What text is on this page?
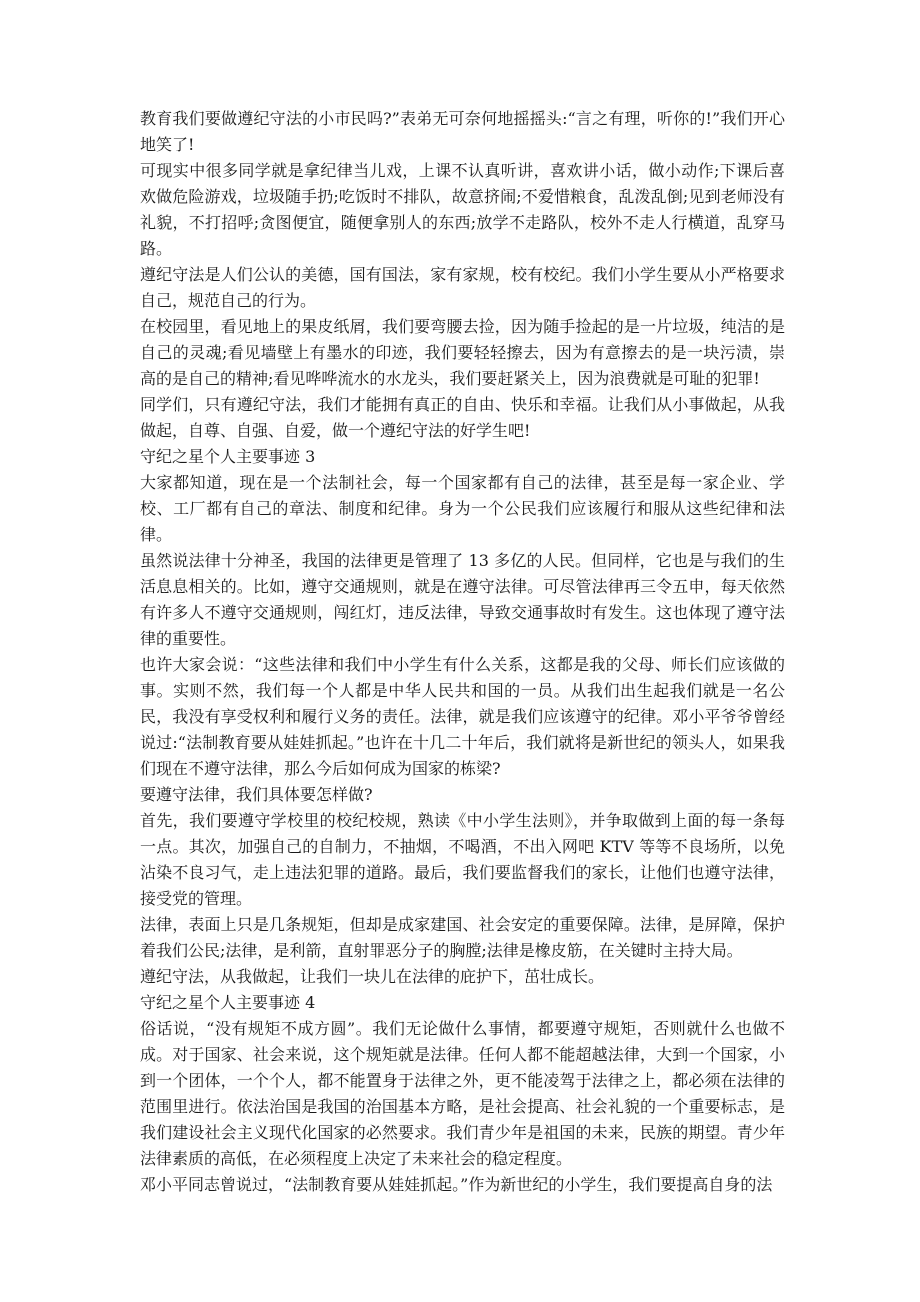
教育我们要做遵纪守法的小市民吗?”表弟无可奈何地摇摇头:“言之有理，听你的!”我们开心地笑了!

可现实中很多同学就是拿纪律当儿戏，上课不认真听讲，喜欢讲小话，做小动作;下课后喜欢做危险游戏，垃圾随手扔;吃饭时不排队，故意挤闹;不爱惜粮食，乱泼乱倒;见到老师没有礼貌，不打招呼;贪图便宜，随便拿别人的东西;放学不走路队，校外不走人行横道，乱穿马路。

遵纪守法是人们公认的美德，国有国法，家有家规，校有校纪。我们小学生要从小严格要求自己，规范自己的行为。

在校园里，看见地上的果皮纸屑，我们要弯腰去捡，因为随手捡起的是一片垃圾，纯洁的是自己的灵魂;看见墙壁上有墨水的印迹，我们要轻轻擦去，因为有意擦去的是一块污渍，崇高的是自己的精神;看见哗哗流水的水龙头，我们要赶紧关上，因为浪费就是可耻的犯罪!

同学们，只有遵纪守法，我们才能拥有真正的自由、快乐和幸福。让我们从小事做起，从我做起，自尊、自强、自爱，做一个遵纪守法的好学生吧!

守纪之星个人主要事迹 3

大家都知道，现在是一个法制社会，每一个国家都有自己的法律，甚至是每一家企业、学校、工厂都有自己的章法、制度和纪律。身为一个公民我们应该履行和服从这些纪律和法律。

虽然说法律十分神圣，我国的法律更是管理了 13 多亿的人民。但同样，它也是与我们的生活息息相关的。比如，遵守交通规则，就是在遵守法律。可尽管法律再三令五申，每天依然有许多人不遵守交通规则，闯红灯，违反法律，导致交通事故时有发生。这也体现了遵守法律的重要性。

也许大家会说：“这些法律和我们中小学生有什么关系，这都是我的父母、师长们应该做的事。实则不然，我们每一个人都是中华人民共和国的一员。从我们出生起我们就是一名公民，我没有享受权利和履行义务的责任。法律，就是我们应该遵守的纪律。邓小平爷爷曾经说过:“法制教育要从娃娃抓起。”也许在十几二十年后，我们就将是新世纪的领头人，如果我们现在不遵守法律，那么今后如何成为国家的栋梁?

要遵守法律，我们具体要怎样做?

首先，我们要遵守学校里的校纪校规，熟读《中小学生法则》，并争取做到上面的每一条每一点。其次，加强自己的自制力，不抽烟，不喝酒，不出入网吧 KTV 等等不良场所，以免沾染不良习气，走上违法犯罪的道路。最后，我们要监督我们的家长，让他们也遵守法律，接受党的管理。

法律，表面上只是几条规矩，但却是成家建国、社会安定的重要保障。法律，是屏障，保护着我们公民;法律，是利箭，直射罪恶分子的胸膛;法律是橡皮筋，在关键时主持大局。

遵纪守法，从我做起，让我们一块儿在法律的庇护下，茁壮成长。

守纪之星个人主要事迹 4

俗话说，“没有规矩不成方圆”。我们无论做什么事情，都要遵守规矩，否则就什么也做不成。对于国家、社会来说，这个规矩就是法律。任何人都不能超越法律，大到一个国家，小到一个团体，一个个人，都不能置身于法律之外，更不能凌驾于法律之上，都必须在法律的范围里进行。依法治国是我国的治国基本方略，是社会提高、社会礼貌的一个重要标志，是我们建设社会主义现代化国家的必然要求。我们青少年是祖国的未来，民族的期望。青少年法律素质的高低，在必须程度上决定了未来社会的稳定程度。

邓小平同志曾说过，“法制教育要从娃娃抓起。”作为新世纪的小学生，我们要提高自身的法
